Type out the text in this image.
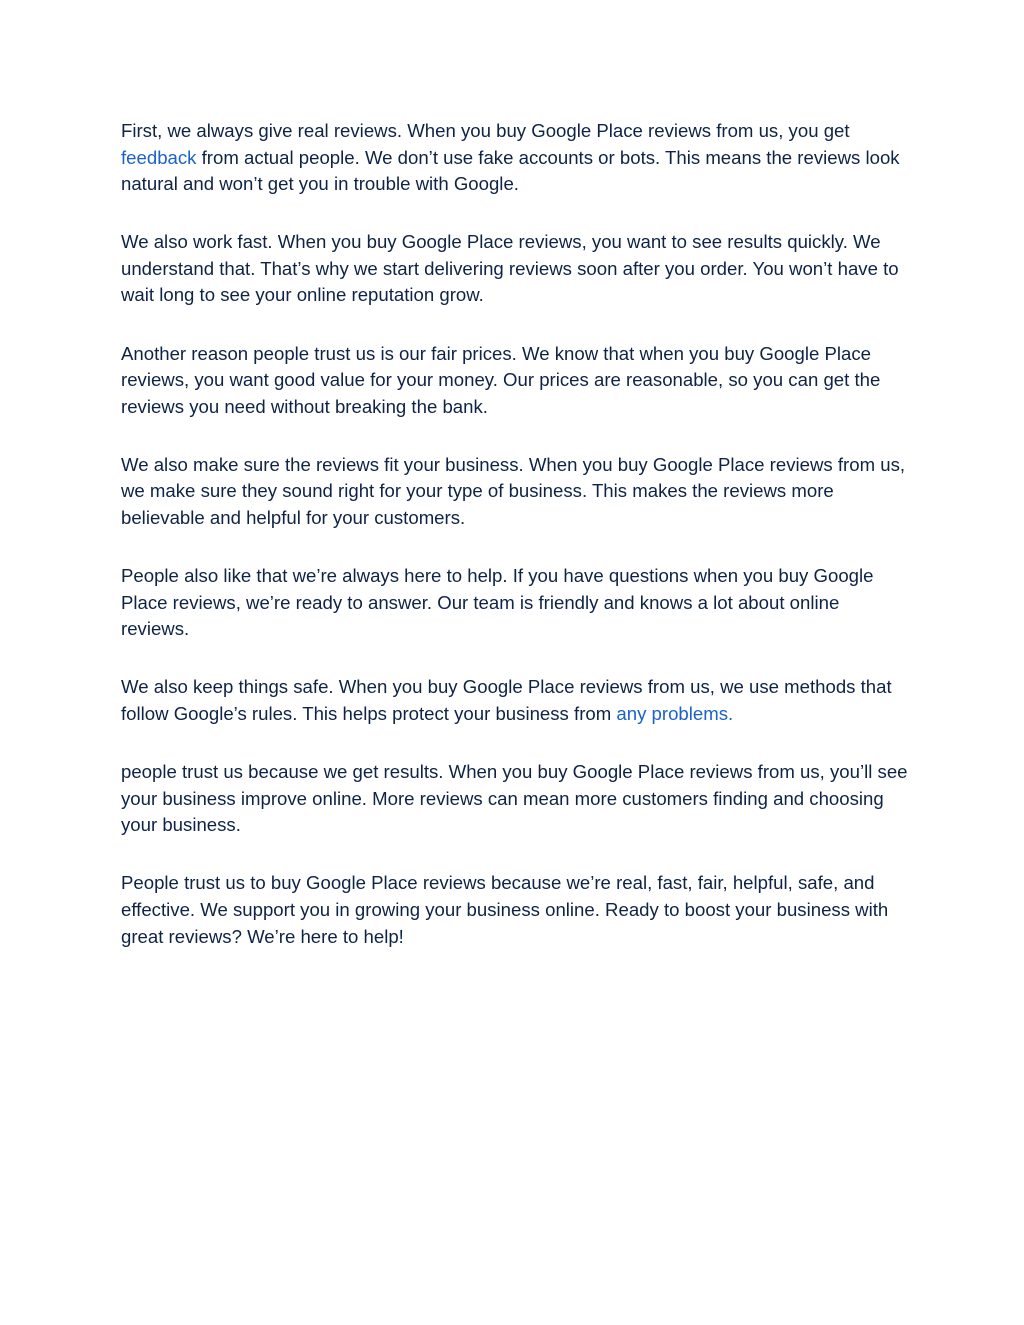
First, we always give real reviews. When you buy Google Place reviews from us, you get feedback from actual people. We don’t use fake accounts or bots. This means the reviews look natural and won’t get you in trouble with Google.

We also work fast. When you buy Google Place reviews, you want to see results quickly. We understand that. That’s why we start delivering reviews soon after you order. You won’t have to wait long to see your online reputation grow.

Another reason people trust us is our fair prices. We know that when you buy Google Place reviews, you want good value for your money. Our prices are reasonable, so you can get the reviews you need without breaking the bank.

We also make sure the reviews fit your business. When you buy Google Place reviews from us, we make sure they sound right for your type of business. This makes the reviews more believable and helpful for your customers.

People also like that we’re always here to help. If you have questions when you buy Google Place reviews, we’re ready to answer. Our team is friendly and knows a lot about online reviews.

We also keep things safe. When you buy Google Place reviews from us, we use methods that follow Google’s rules. This helps protect your business from any problems.

people trust us because we get results. When you buy Google Place reviews from us, you’ll see your business improve online. More reviews can mean more customers finding and choosing your business.

People trust us to buy Google Place reviews because we’re real, fast, fair, helpful, safe, and effective. We support you in growing your business online. Ready to boost your business with great reviews? We’re here to help!
